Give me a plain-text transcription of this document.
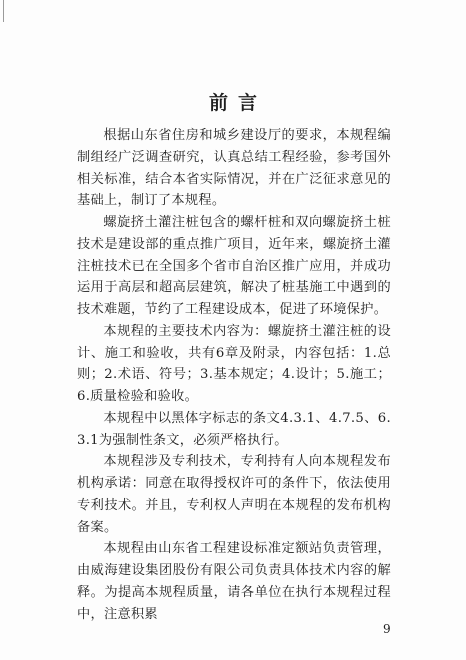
前言

根据山东省住房和城乡建设厅的要求，本规程编制组经广泛调查研究，认真总结工程经验，参考国外相关标准，结合本省实际情况，并在广泛征求意见的基础上，制订了本规程。

螺旋挤土灌注桩包含的螺杆桩和双向螺旋挤土桩技术是建设部的重点推广项目，近年来，螺旋挤土灌注桩技术已在全国多个省市自治区推广应用，并成功运用于高层和超高层建筑，解决了桩基施工中遇到的技术难题，节约了工程建设成本，促进了环境保护。

本规程的主要技术内容为：螺旋挤土灌注桩的设计、施工和验收，共有6章及附录，内容包括：1.总则；2.术语、符号；3.基本规定；4.设计；5.施工；6.质量检验和验收。

本规程中以黑体字标志的条文4.3.1、4.7.5、6.3.1为强制性条文，必须严格执行。

本规程涉及专利技术，专利持有人向本规程发布机构承诺：同意在取得授权许可的条件下，依法使用专利技术。并且，专利权人声明在本规程的发布机构备案。

本规程由山东省工程建设标准定额站负责管理，由威海建设集团股份有限公司负责具体技术内容的解释。为提高本规程质量，请各单位在执行本规程过程中，注意积累

9
